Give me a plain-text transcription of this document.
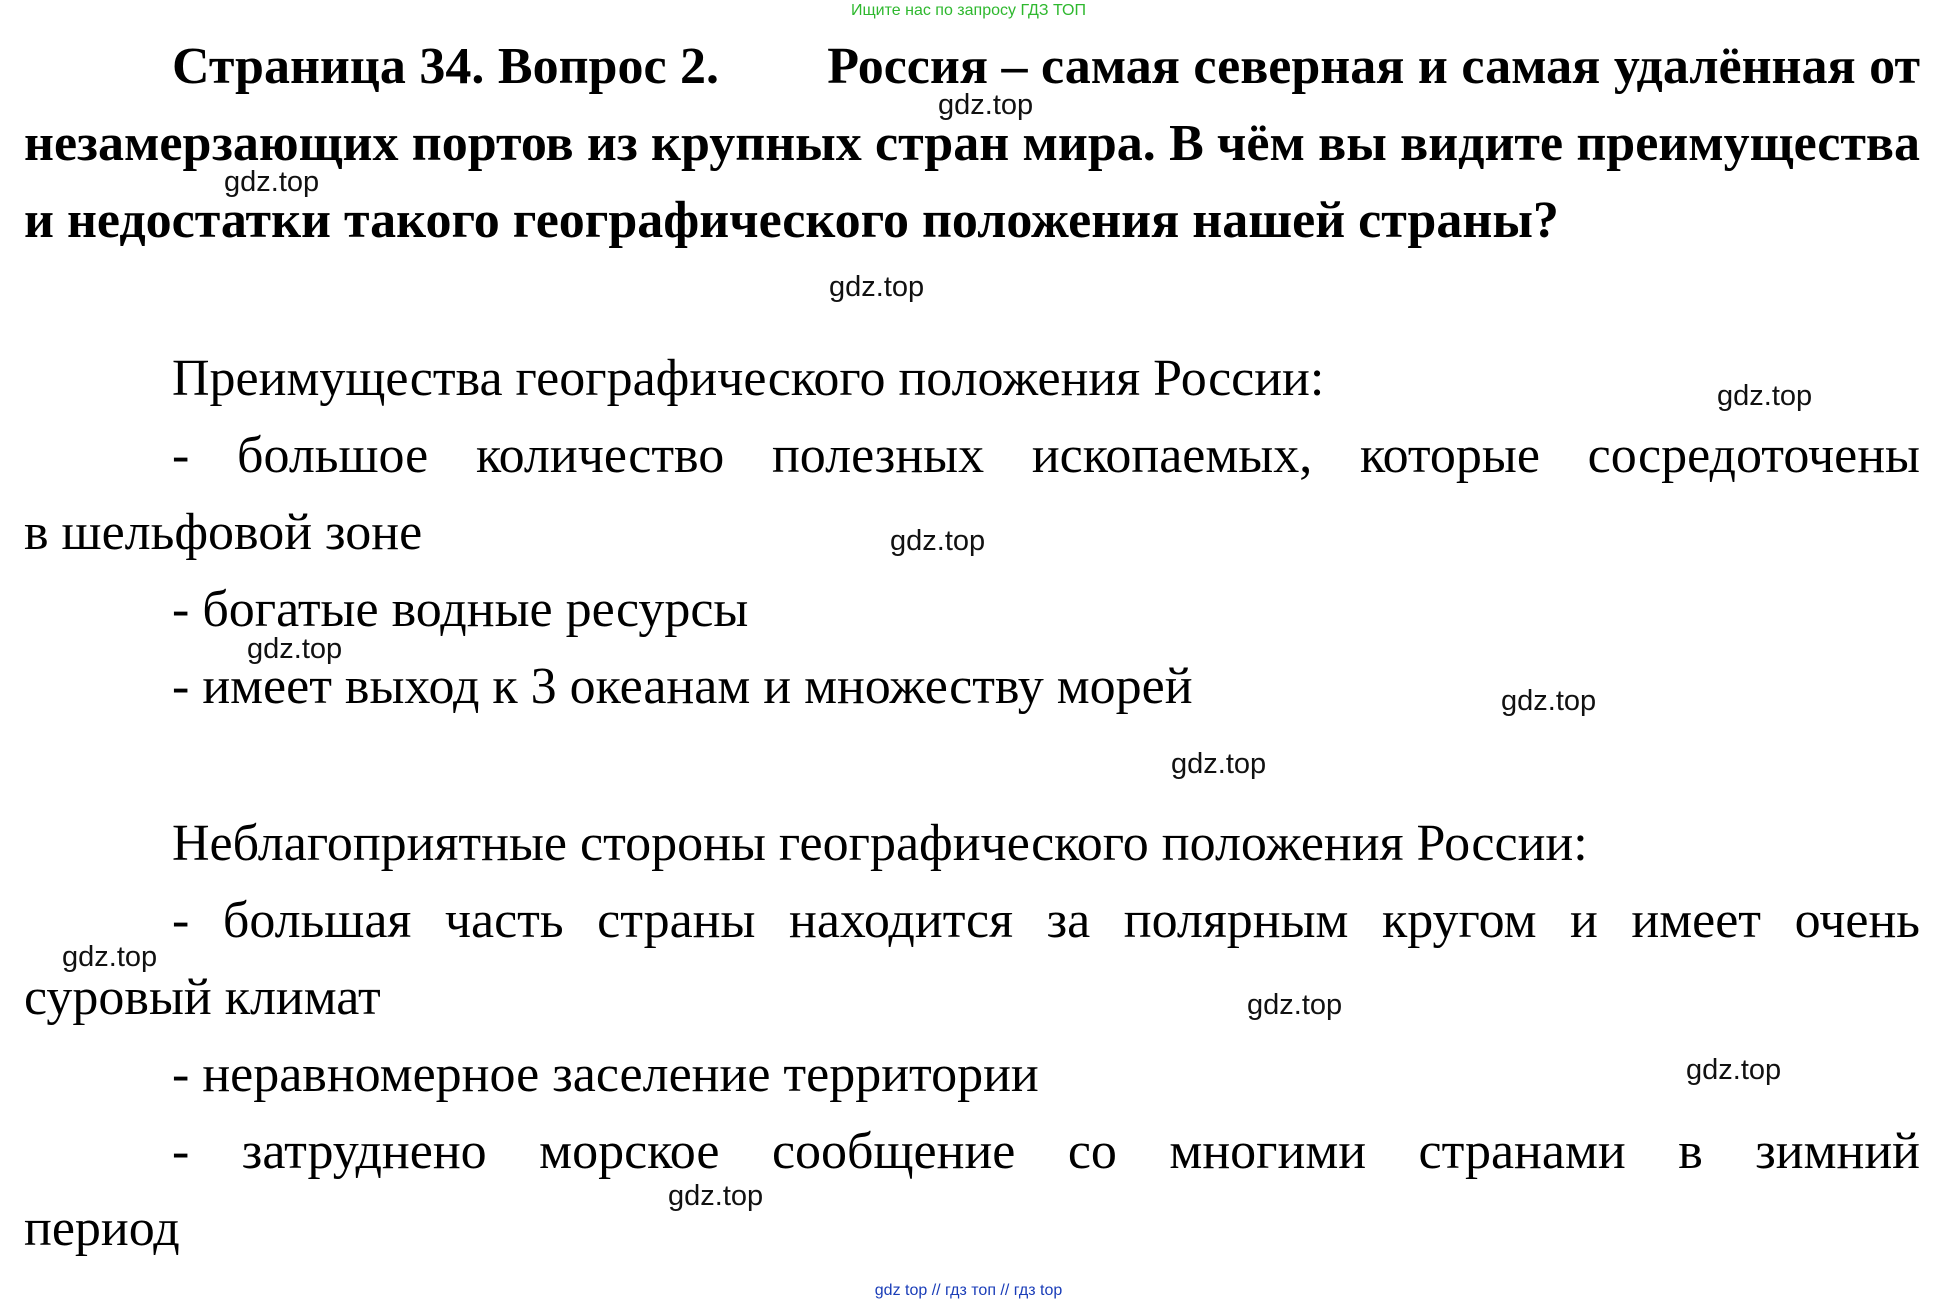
Ищите нас по запросу ГДЗ ТОП
Страница 34. Вопрос 2. Россия – самая северная и самая удалённая от незамерзающих портов из крупных стран мира. В чём вы видите преимущества и недостатки такого географического положения нашей страны?
Преимущества географического положения России:
- большое количество полезных ископаемых, которые сосредоточены
в шельфовой зоне
- богатые водные ресурсы
- имеет выход к 3 океанам и множеству морей
Неблагоприятные стороны географического положения России:
- большая часть страны находится за полярным кругом и имеет очень
суровый климат
- неравномерное заселение территории
- затруднено морское сообщение со многими странами в зимний
период
gdz.top
gdz.top
gdz.top
gdz.top
gdz.top
gdz.top
gdz.top
gdz.top
gdz.top
gdz.top
gdz.top
gdz.top
gdz top // гдз топ // гдз top
